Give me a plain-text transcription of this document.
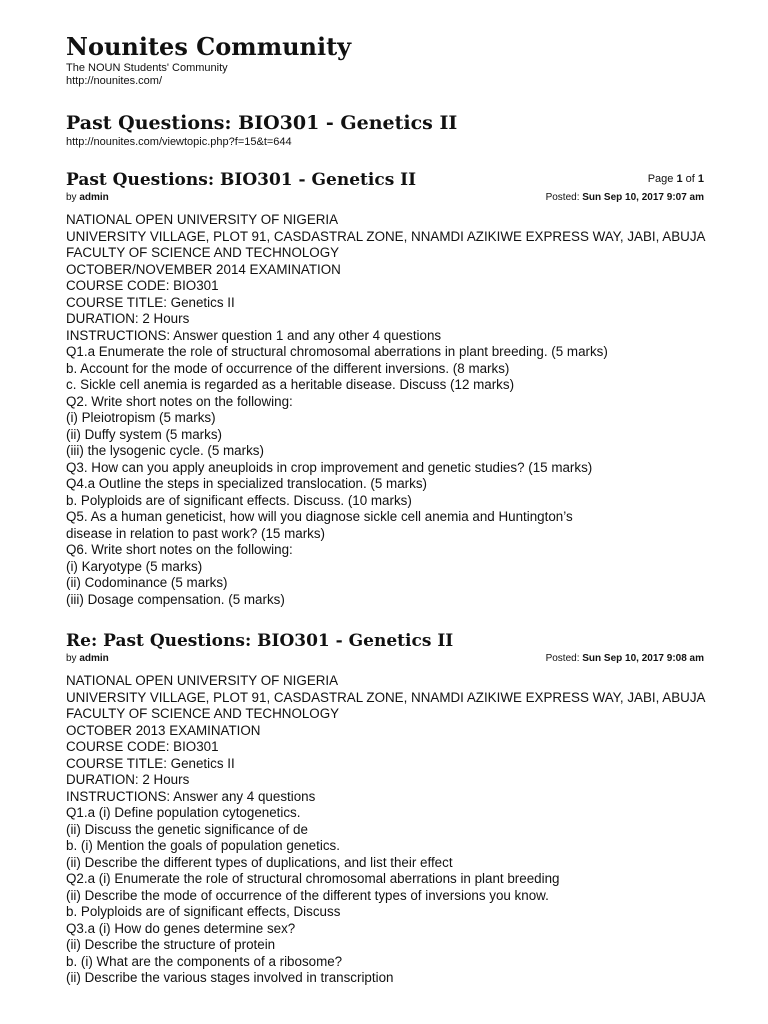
Nounites Community

The NOUN Students' Community

http://nounites.com/

Past Questions: BIO301 - Genetics II

http://nounites.com/viewtopic.php?f=15&t=644

Past Questions: BIO301 - Genetics II	Page 1 of 1
by admin	Posted: Sun Sep 10, 2017 9:07 am
NATIONAL OPEN UNIVERSITY OF NIGERIA
UNIVERSITY VILLAGE, PLOT 91, CASDASTRAL ZONE, NNAMDI AZIKIWE EXPRESS WAY, JABI, ABUJA
FACULTY OF SCIENCE AND TECHNOLOGY
OCTOBER/NOVEMBER 2014 EXAMINATION
COURSE CODE: BIO301
COURSE TITLE: Genetics II
DURATION: 2 Hours
INSTRUCTIONS: Answer question 1 and any other 4 questions
Q1.a Enumerate the role of structural chromosomal aberrations in plant breeding. (5 marks)
b. Account for the mode of occurrence of the different inversions. (8 marks)
c. Sickle cell anemia is regarded as a heritable disease. Discuss (12 marks)
Q2. Write short notes on the following:
(i) Pleiotropism (5 marks)
(ii) Duffy system (5 marks)
(iii) the lysogenic cycle. (5 marks)
Q3. How can you apply aneuploids in crop improvement and genetic studies? (15 marks)
Q4.a Outline the steps in specialized translocation. (5 marks)
b. Polyploids are of significant effects. Discuss. (10 marks)
Q5. As a human geneticist, how will you diagnose sickle cell anemia and Huntington’s
disease in relation to past work? (15 marks)
Q6. Write short notes on the following:
(i) Karyotype (5 marks)
(ii) Codominance (5 marks)
(iii) Dosage compensation. (5 marks)
Re: Past Questions: BIO301 - Genetics II
by admin	Posted: Sun Sep 10, 2017 9:08 am
NATIONAL OPEN UNIVERSITY OF NIGERIA
UNIVERSITY VILLAGE, PLOT 91, CASDASTRAL ZONE, NNAMDI AZIKIWE EXPRESS WAY, JABI, ABUJA
FACULTY OF SCIENCE AND TECHNOLOGY
OCTOBER 2013 EXAMINATION
COURSE CODE: BIO301
COURSE TITLE: Genetics II
DURATION: 2 Hours
INSTRUCTIONS: Answer any 4 questions
Q1.a (i) Define population cytogenetics.
(ii) Discuss the genetic significance of de
b. (i) Mention the goals of population genetics.
(ii) Describe the different types of duplications, and list their effect
Q2.a (i) Enumerate the role of structural chromosomal aberrations in plant breeding
(ii) Describe the mode of occurrence of the different types of inversions you know.
b. Polyploids are of significant effects, Discuss
Q3.a (i) How do genes determine sex?
(ii) Describe the structure of protein
b. (i) What are the components of a ribosome?
(ii) Describe the various stages involved in transcription
